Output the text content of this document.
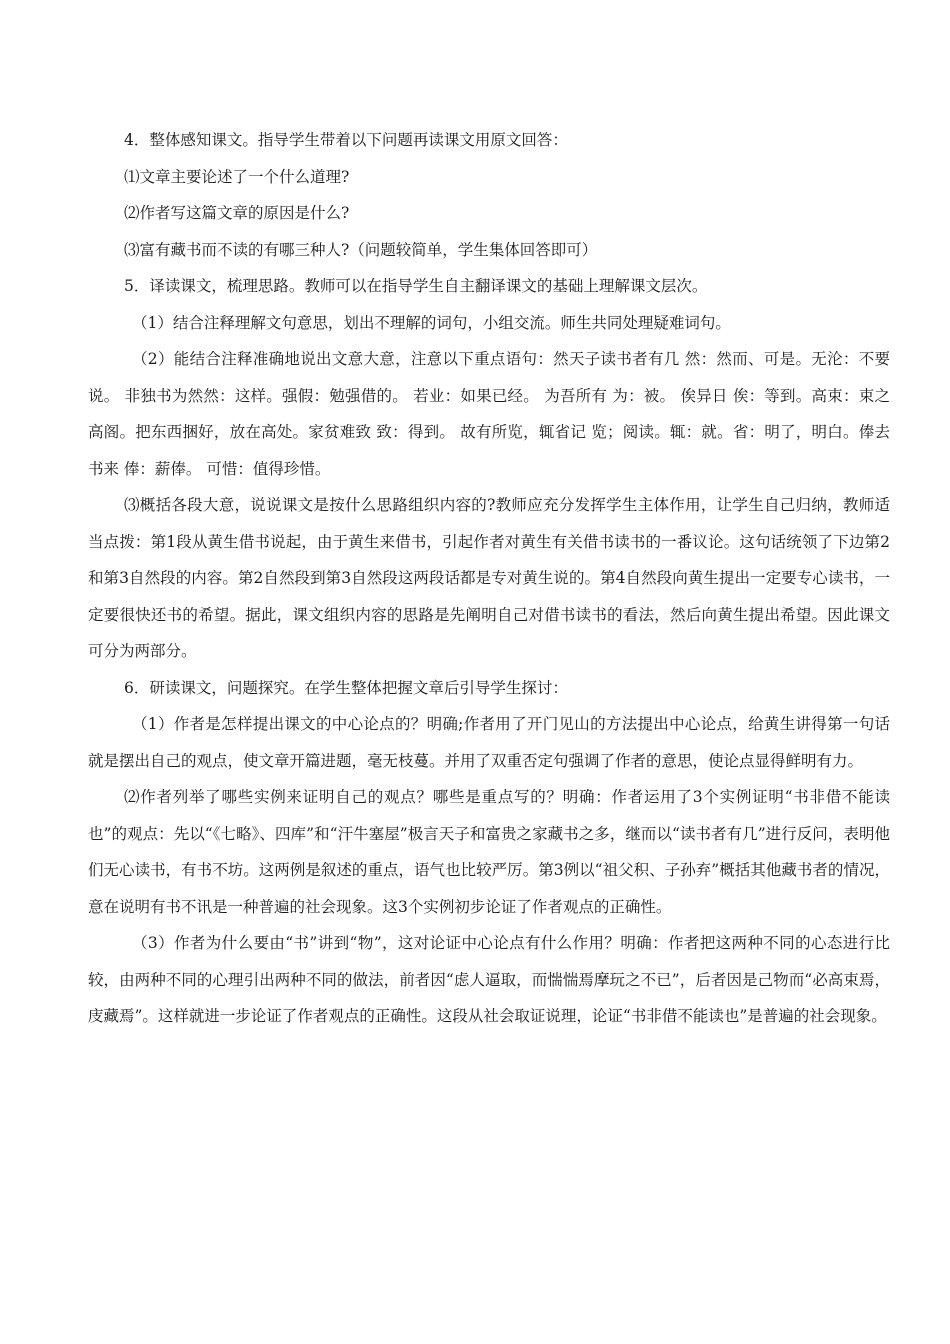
4．整体感知课文。指导学生带着以下问题再读课文用原文回答：

⑴文章主要论述了一个什么道理?

⑵作者写这篇文章的原因是什么?

⑶富有藏书而不读的有哪三种人?（问题较简单，学生集体回答即可）

5．译读课文，梳理思路。教师可以在指导学生自主翻译课文的基础上理解课文层次。

（1）结合注释理解文句意思，划出不理解的词句，小组交流。师生共同处理疑难词句。

（2）能结合注释准确地说出文意大意，注意以下重点语句：然天子读书者有几 然：然而、可是。无沦：不要说。 非独书为然然：这样。强假：勉强借的。 若业：如果已经。 为吾所有 为：被。 俟异日 俟：等到。高束：束之高阁。把东西捆好，放在高处。家贫难致 致：得到。 故有所览，辄省记 览；阅读。辄：就。省：明了，明白。俸去书来 俸：薪俸。 可惜：值得珍惜。

⑶概括各段大意，说说课文是按什么思路组织内容的?教师应充分发挥学生主体作用，让学生自己归纳，教师适当点拨：第1段从黄生借书说起，由于黄生来借书，引起作者对黄生有关借书读书的一番议论。这句话统领了下边第2和第3自然段的内容。第2自然段到第3自然段这两段话都是专对黄生说的。第4自然段向黄生提出一定要专心读书，一定要很快还书的希望。据此，课文组织内容的思路是先阐明自己对借书读书的看法，然后向黄生提出希望。因此课文可分为两部分。

6．研读课文，问题探究。在学生整体把握文章后引导学生探讨：

（1）作者是怎样提出课文的中心论点的？明确;作者用了开门见山的方法提出中心论点，给黄生讲得第一句话就是摆出自己的观点，使文章开篇进题，毫无枝蔓。并用了双重否定句强调了作者的意思，使论点显得鲜明有力。

⑵作者列举了哪些实例来证明自己的观点？哪些是重点写的？明确：作者运用了3个实例证明“书非借不能读也”的观点：先以“《七略》、四库”和“汗牛塞屋”极言天子和富贵之家藏书之多，继而以“读书者有几”进行反问，表明他们无心读书，有书不坊。这两例是叙述的重点，语气也比较严厉。第3例以“祖父积、子孙弃”概括其他藏书者的情况，意在说明有书不讯是一种普遍的社会现象。这3个实例初步论证了作者观点的正确性。

（3）作者为什么要由“书”讲到“物”，这对论证中心论点有什么作用？明确：作者把这两种不同的心态进行比较，由两种不同的心理引出两种不同的做法，前者因“虑人逼取，而惴惴焉摩玩之不已”，后者因是己物而“必高束焉，庋藏焉”。这样就进一步论证了作者观点的正确性。这段从社会取证说理，论证“书非借不能读也”是普遍的社会现象。
